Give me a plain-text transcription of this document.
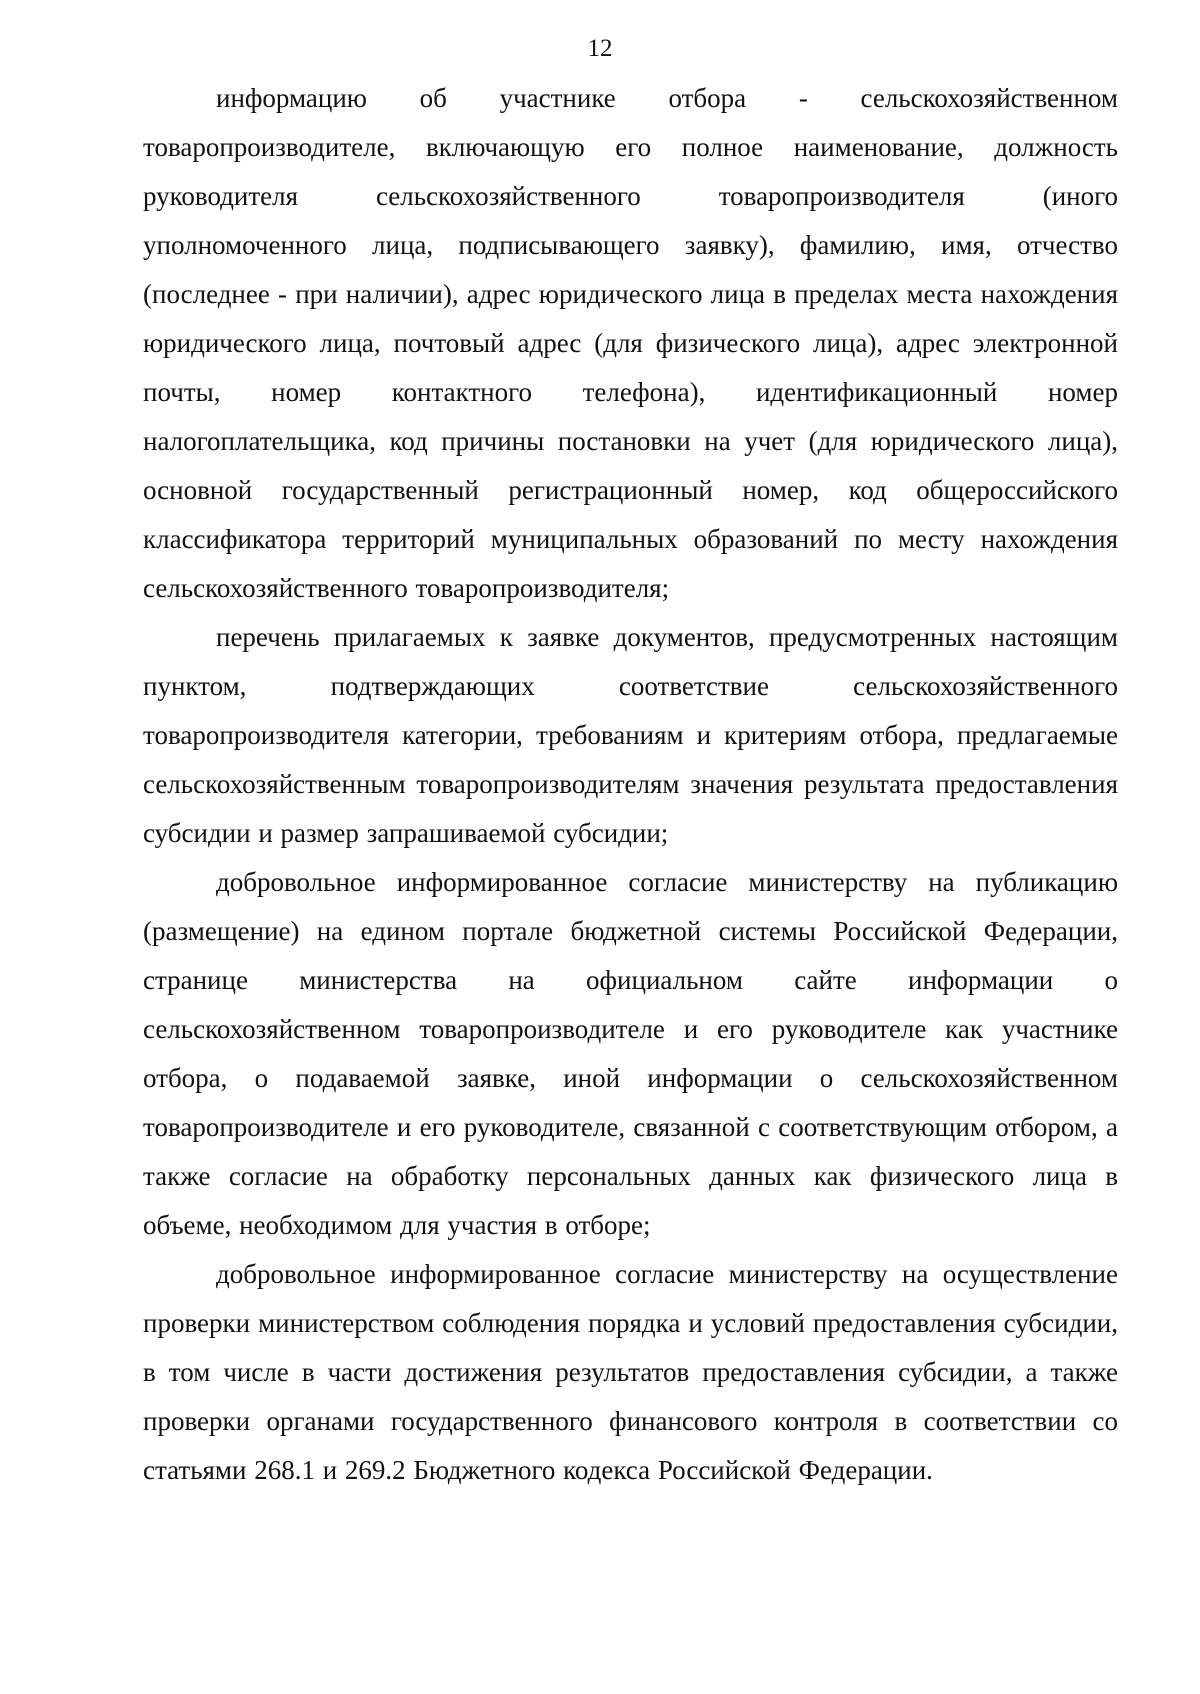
12

информацию об участнике отбора - сельскохозяйственном товаропроизводителе, включающую его полное наименование, должность руководителя сельскохозяйственного товаропроизводителя (иного уполномоченного лица, подписывающего заявку), фамилию, имя, отчество (последнее - при наличии), адрес юридического лица в пределах места нахождения юридического лица, почтовый адрес (для физического лица), адрес электронной почты, номер контактного телефона), идентификационный номер налогоплательщика, код причины постановки на учет (для юридического лица), основной государственный регистрационный номер, код общероссийского классификатора территорий муниципальных образований по месту нахождения сельскохозяйственного товаропроизводителя;

перечень прилагаемых к заявке документов, предусмотренных настоящим пунктом, подтверждающих соответствие сельскохозяйственного товаропроизводителя категории, требованиям и критериям отбора, предлагаемые сельскохозяйственным товаропроизводителям значения результата предоставления субсидии и размер запрашиваемой субсидии;

добровольное информированное согласие министерству на публикацию (размещение) на едином портале бюджетной системы Российской Федерации, странице министерства на официальном сайте информации о сельскохозяйственном товаропроизводителе и его руководителе как участнике отбора, о подаваемой заявке, иной информации о сельскохозяйственном товаропроизводителе и его руководителе, связанной с соответствующим отбором, а также согласие на обработку персональных данных как физического лица в объеме, необходимом для участия в отборе;

добровольное информированное согласие министерству на осуществление проверки министерством соблюдения порядка и условий предоставления субсидии, в том числе в части достижения результатов предоставления субсидии, а также проверки органами государственного финансового контроля в соответствии со статьями 268.1 и 269.2 Бюджетного кодекса Российской Федерации.
